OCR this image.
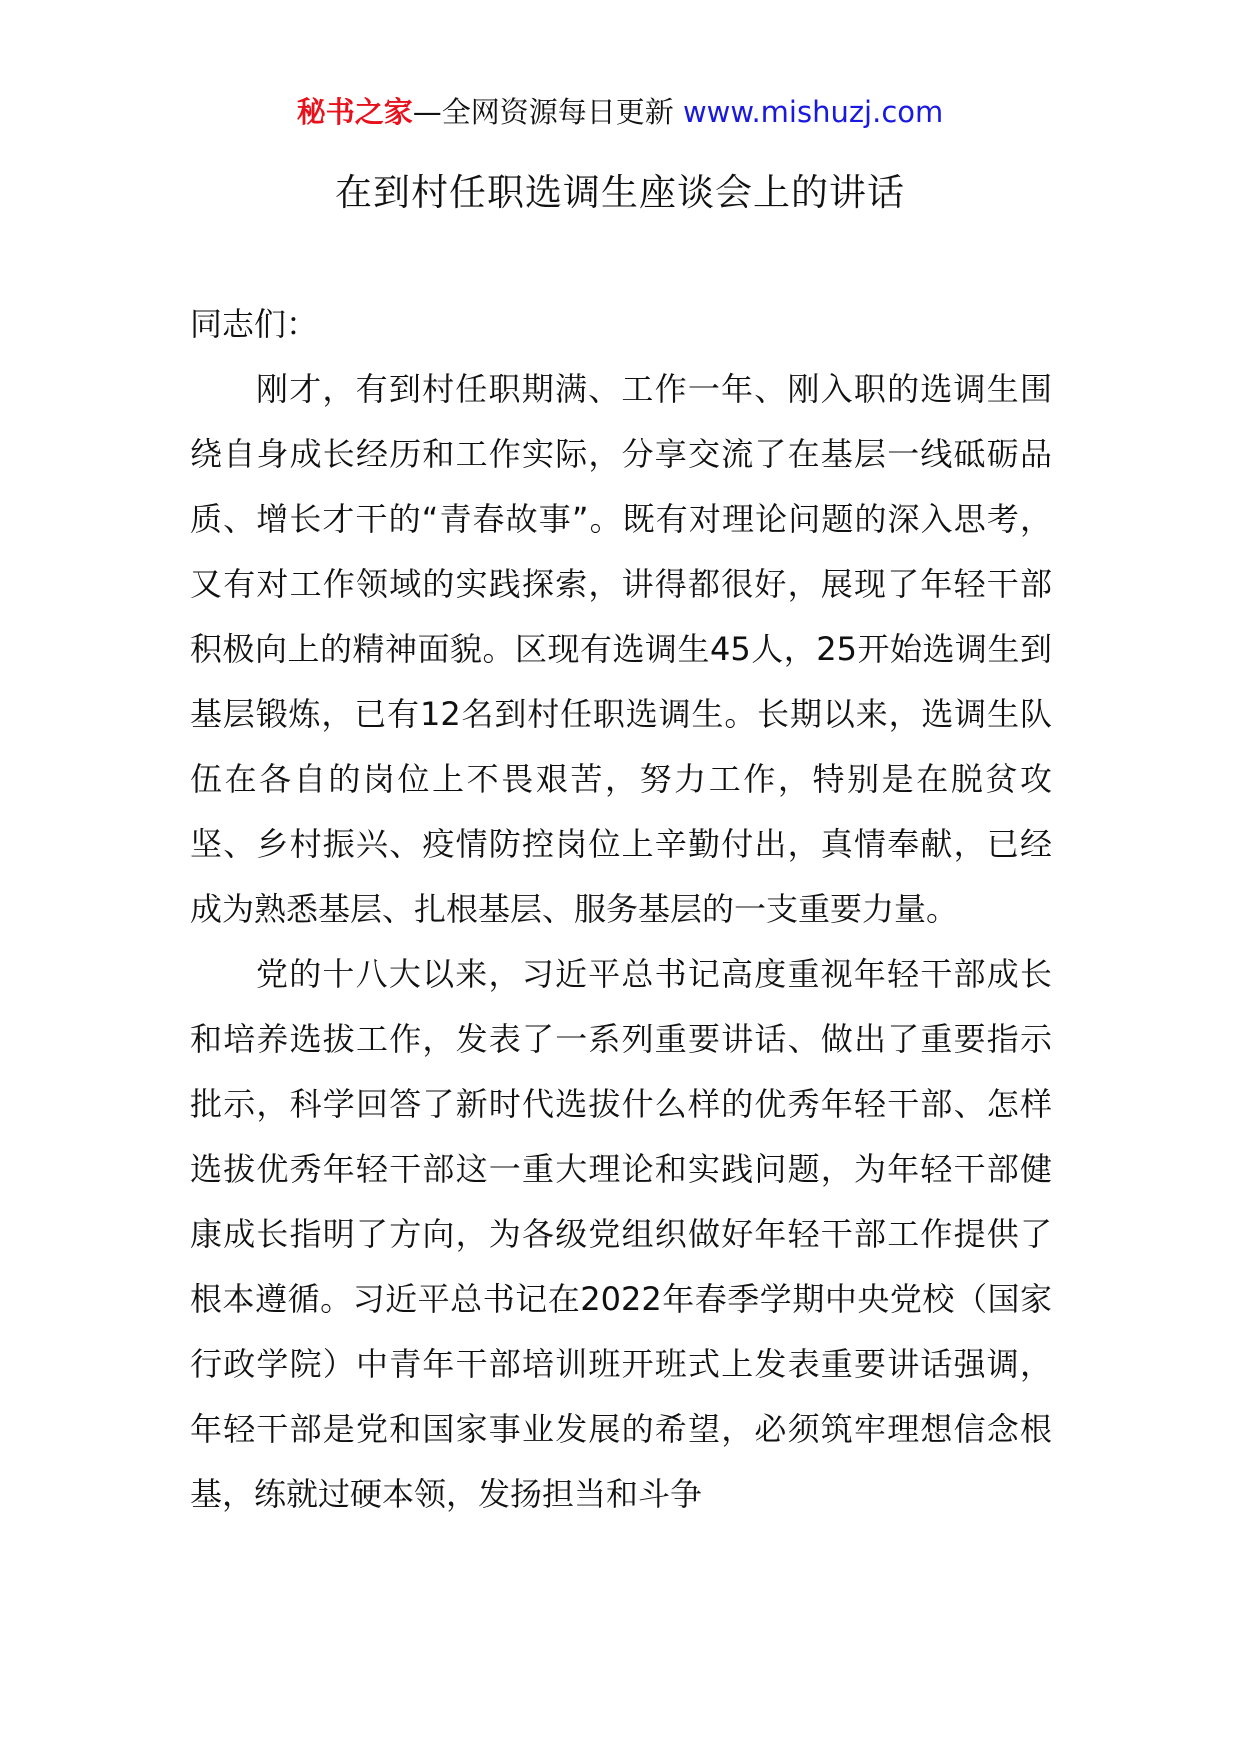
秘书之家—全网资源每日更新 www.mishuzj.com
在到村任职选调生座谈会上的讲话

同志们：

刚才，有到村任职期满、工作一年、刚入职的选调生围绕自身成长经历和工作实际，分享交流了在基层一线砥砺品质、增长才干的“青春故事”。既有对理论问题的深入思考，又有对工作领域的实践探索，讲得都很好，展现了年轻干部积极向上的精神面貌。区现有选调生45人，25开始选调生到基层锻炼，已有12名到村任职选调生。长期以来，选调生队伍在各自的岗位上不畏艰苦，努力工作，特别是在脱贫攻坚、乡村振兴、疫情防控岗位上辛勤付出，真情奉献，已经成为熟悉基层、扎根基层、服务基层的一支重要力量。

党的十八大以来，习近平总书记高度重视年轻干部成长和培养选拔工作，发表了一系列重要讲话、做出了重要指示批示，科学回答了新时代选拔什么样的优秀年轻干部、怎样选拔优秀年轻干部这一重大理论和实践问题，为年轻干部健康成长指明了方向，为各级党组织做好年轻干部工作提供了根本遵循。习近平总书记在2022年春季学期中央党校（国家行政学院）中青年干部培训班开班式上发表重要讲话强调，年轻干部是党和国家事业发展的希望，必须筑牢理想信念根基，练就过硬本领，发扬担当和斗争
